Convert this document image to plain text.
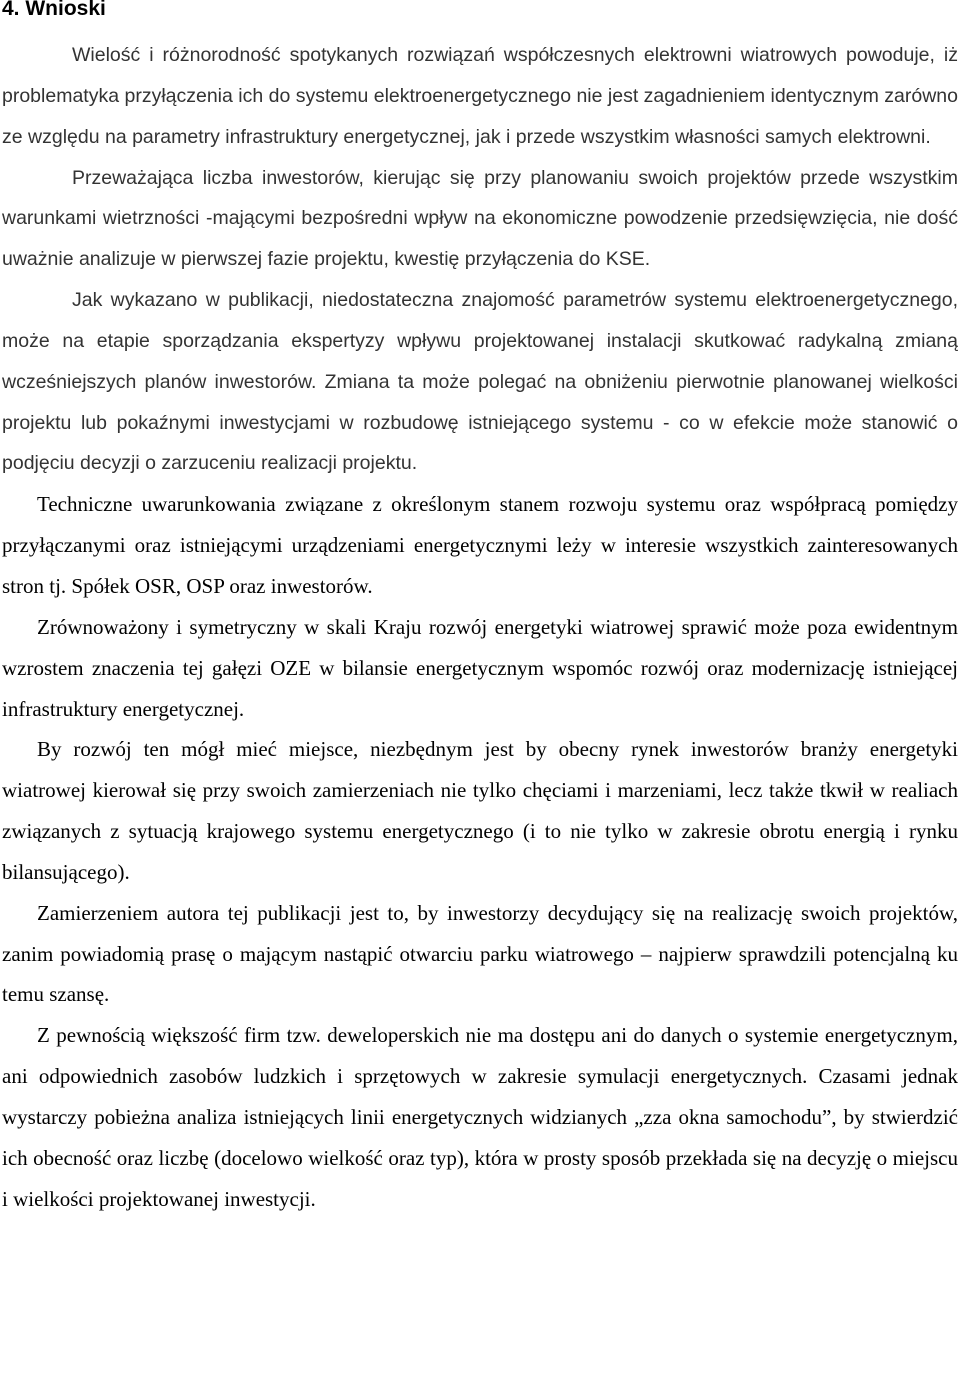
4. Wnioski

Wielość i różnorodność spotykanych rozwiązań współczesnych elektrowni wiatrowych powoduje, iż problematyka przyłączenia ich do systemu elektroenergetycznego nie jest zagadnieniem identycznym zarówno ze względu na parametry infrastruktury energetycznej, jak i przede wszystkim własności samych elektrowni.

Przeważająca liczba inwestorów, kierując się przy planowaniu swoich projektów przede wszystkim warunkami wietrzności -mającymi bezpośredni wpływ na ekonomiczne powodzenie przedsięwzięcia, nie dość uważnie analizuje w pierwszej fazie projektu, kwestię przyłączenia do KSE.

Jak wykazano w publikacji, niedostateczna znajomość parametrów systemu elektroenergetycznego, może na etapie sporządzania ekspertyzy wpływu projektowanej instalacji skutkować radykalną zmianą wcześniejszych planów inwestorów. Zmiana ta może polegać na obniżeniu pierwotnie planowanej wielkości projektu lub pokaźnymi inwestycjami w rozbudowę istniejącego systemu - co w efekcie może stanowić o podjęciu decyzji o zarzuceniu realizacji projektu.

Techniczne uwarunkowania związane z określonym stanem rozwoju systemu oraz współpracą pomiędzy przyłączanymi oraz istniejącymi urządzeniami energetycznymi leży w interesie wszystkich zainteresowanych stron tj. Spółek OSR, OSP oraz inwestorów.

Zrównoważony i symetryczny w skali Kraju rozwój energetyki wiatrowej sprawić może poza ewidentnym wzrostem znaczenia tej gałęzi OZE w bilansie energetycznym wspomóc rozwój oraz modernizację istniejącej infrastruktury energetycznej.

By rozwój ten mógł mieć miejsce, niezbędnym jest by obecny rynek inwestorów branży energetyki wiatrowej kierował się przy swoich zamierzeniach nie tylko chęciami i marzeniami, lecz także tkwił w realiach związanych z sytuacją krajowego systemu energetycznego (i to nie tylko w zakresie obrotu energią i rynku bilansującego).

Zamierzeniem autora tej publikacji jest to, by inwestorzy decydujący się na realizację swoich projektów, zanim powiadomią prasę o mającym nastąpić otwarciu parku wiatrowego – najpierw sprawdzili potencjalną ku temu szansę.

Z pewnością większość firm tzw. deweloperskich nie ma dostępu ani do danych o systemie energetycznym, ani odpowiednich zasobów ludzkich i sprzętowych w zakresie symulacji energetycznych. Czasami jednak wystarczy pobieżna analiza istniejących linii energetycznych widzianych „zza okna samochodu”, by stwierdzić ich obecność oraz liczbę (docelowo wielkość oraz typ), która w prosty sposób przekłada się na decyzję o miejscu i wielkości projektowanej inwestycji.
